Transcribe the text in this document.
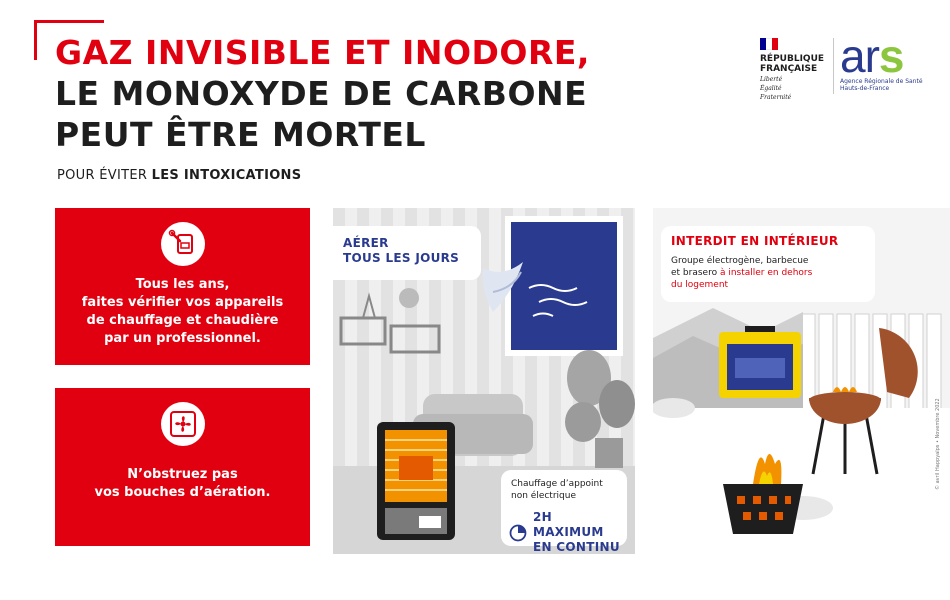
GAZ INVISIBLE ET INODORE,
LE MONOXYDE DE CARBONE
PEUT ÊTRE MORTEL
POUR ÉVITER LES INTOXICATIONS
RÉPUBLIQUE
FRANÇAISE
Liberté
Égalité
Fraternité
ars
Agence Régionale de Santé
Hauts-de-France
Tous les ans,
faites vérifier vos appareils
de chauffage et chaudière
par un professionnel.
N’obstruez pas
vos bouches d’aération.
AÉRER
TOUS LES JOURS
Chauffage d’appoint
non électrique
2H MAXIMUM
EN CONTINU
INTERDIT EN INTÉRIEUR
Groupe électrogène, barbecue
et brasero à installer en dehors
du logement
© avril Happyalps • Novembre 2022
